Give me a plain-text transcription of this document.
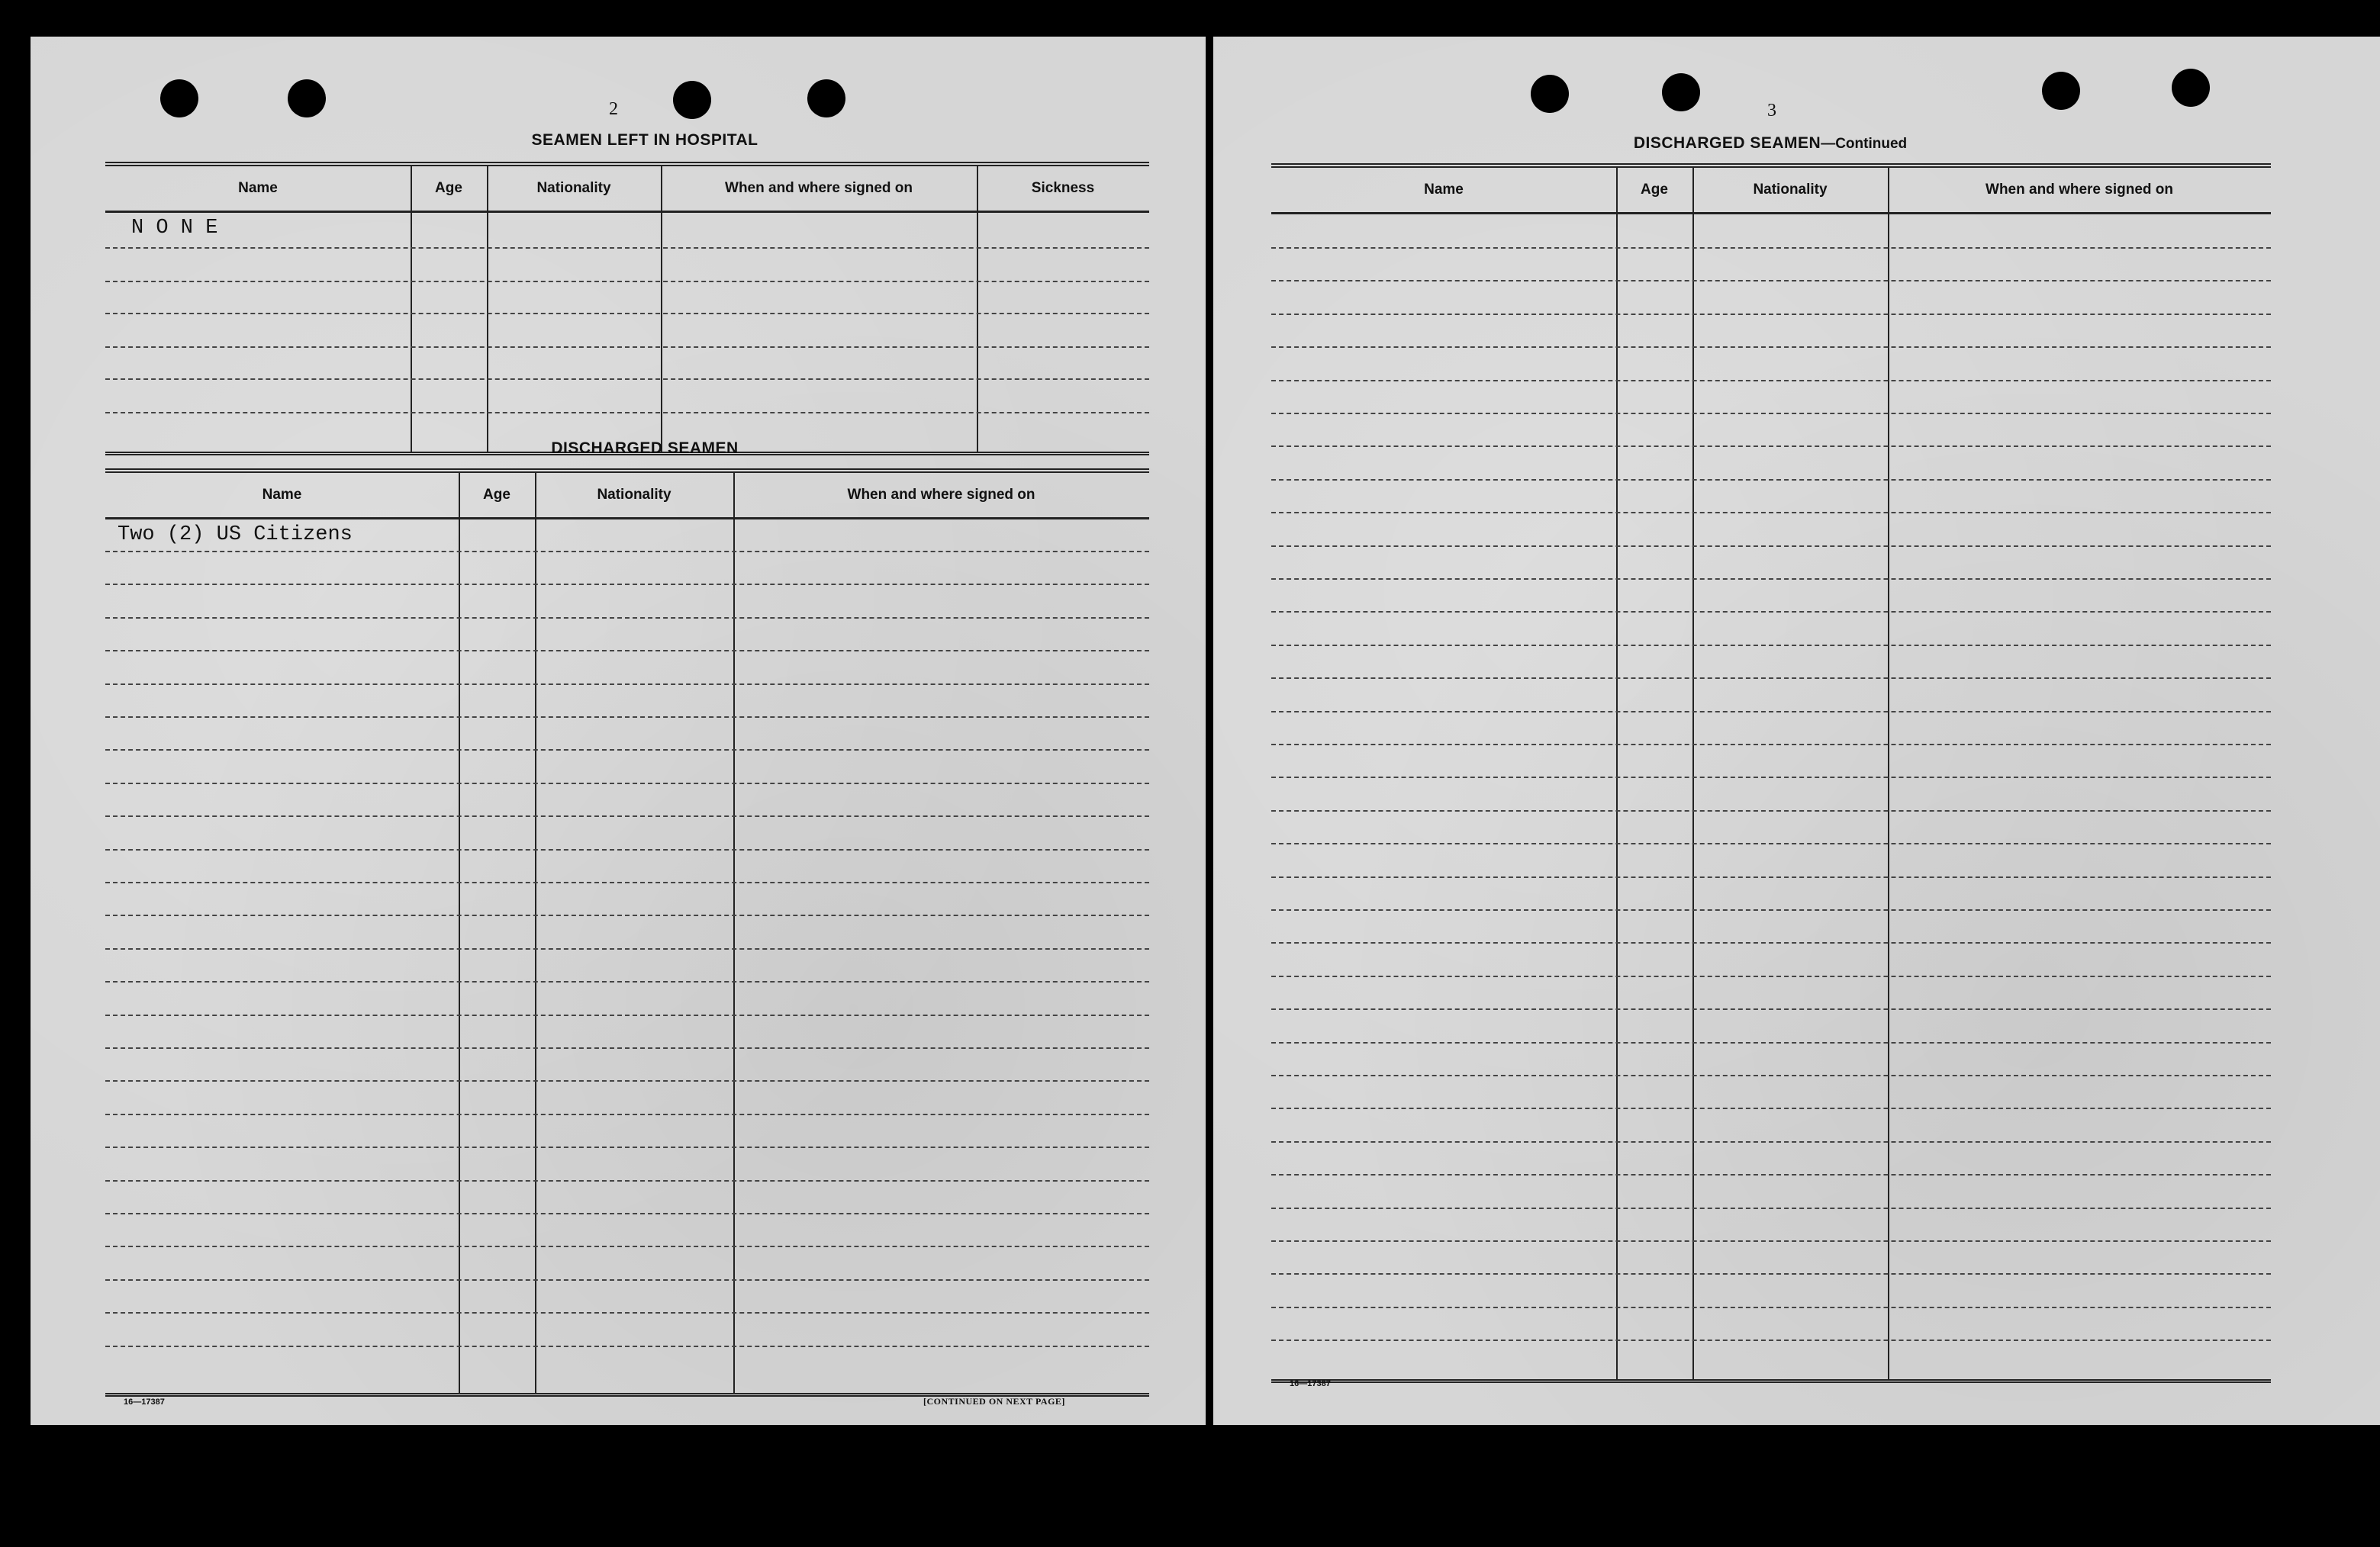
2
SEAMEN LEFT IN HOSPITAL
Name	Age	Nationality	When and where signed on	Sickness
N O N E
DISCHARGED SEAMEN
Name	Age	Nationality	When and where signed on
Two (2) US Citizens
16—17387	[CONTINUED ON NEXT PAGE]
3
DISCHARGED SEAMEN—Continued
Name	Age	Nationality	When and where signed on
16—17387
